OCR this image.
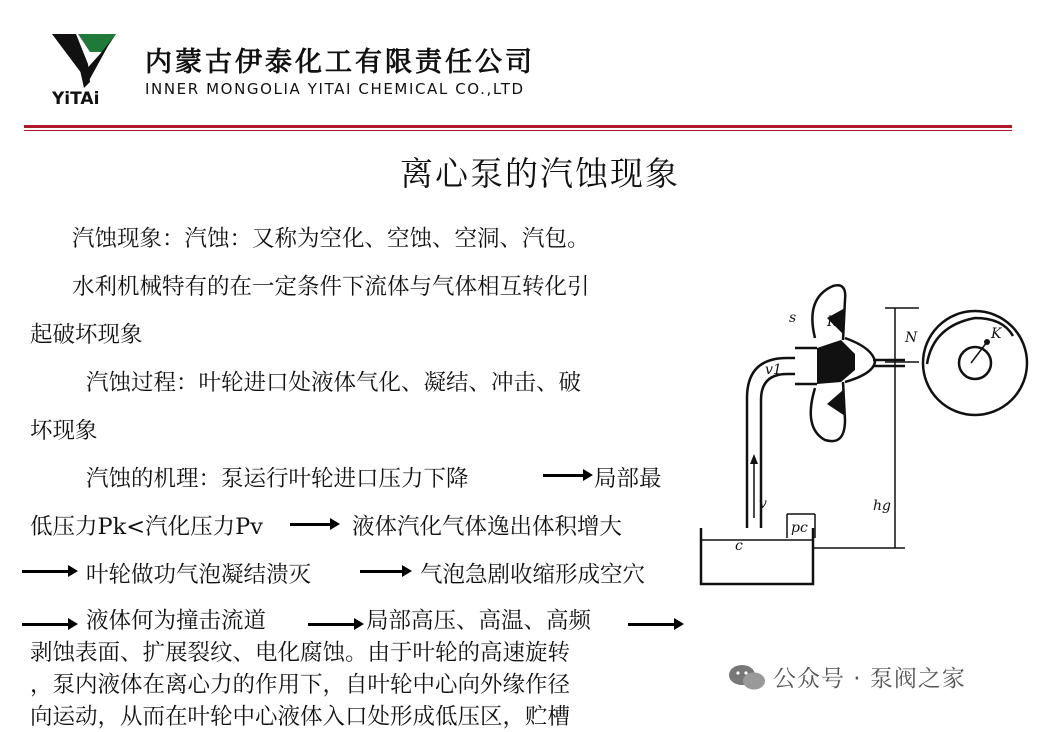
YiTAi
内蒙古伊泰化工有限责任公司
INNER MONGOLIA YITAI CHEMICAL CO.,LTD
离心泵的汽蚀现象
汽蚀现象：汽蚀：又称为空化、空蚀、空洞、汽包。
水利机械特有的在一定条件下流体与气体相互转化引
起破坏现象
汽蚀过程：叶轮进口处液体气化、凝结、冲击、破
坏现象
汽蚀的机理：泵运行叶轮进口压力下降	局部最
低压力Pk<汽化压力Pv	液体汽化气体逸出体积增大
叶轮做功气泡凝结溃灭	气泡急剧收缩形成空穴
液体何为撞击流道	局部高压、高温、高频
剥蚀表面、扩展裂纹、电化腐蚀。由于叶轮的高速旋转
，泵内液体在离心力的作用下，自叶轮中心向外缘作径
向运动，从而在叶轮中心液体入口处形成低压区，贮槽
s K
N	K
v1
v
c
pc
hg
公众号 · 泵阀之家
